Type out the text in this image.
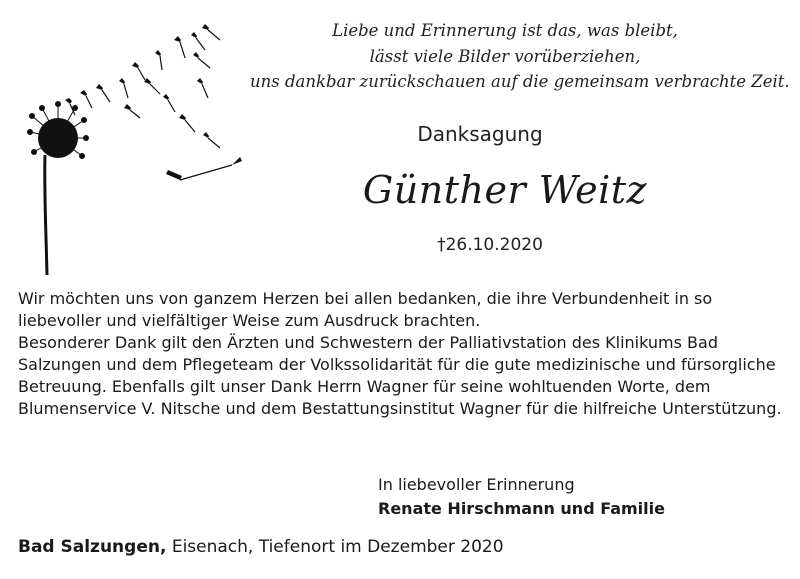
Liebe und Erinnerung ist das, was bleibt,
lässt viele Bilder vorüberziehen,
uns dankbar zurückschauen auf die gemeinsam verbrachte Zeit.
Danksagung
Günther Weitz
†26.10.2020

Wir möchten uns von ganzem Herzen bei allen bedanken, die ihre Verbundenheit in so liebevoller und vielfältiger Weise zum Ausdruck brachten.

Besonderer Dank gilt den Ärzten und Schwestern der Palliativstation des Klinikums Bad Salzungen und dem Pflegeteam der Volkssolidarität für die gute medizinische und fürsorgliche Betreuung. Ebenfalls gilt unser Dank Herrn Wagner für seine wohltuenden Worte, dem Blumenservice V. Nitsche und dem Bestattungsinstitut Wagner für die hilfreiche Unterstützung.

In liebevoller Erinnerung
Renate Hirschmann und Familie
Bad Salzungen, Eisenach, Tiefenort im Dezember 2020
